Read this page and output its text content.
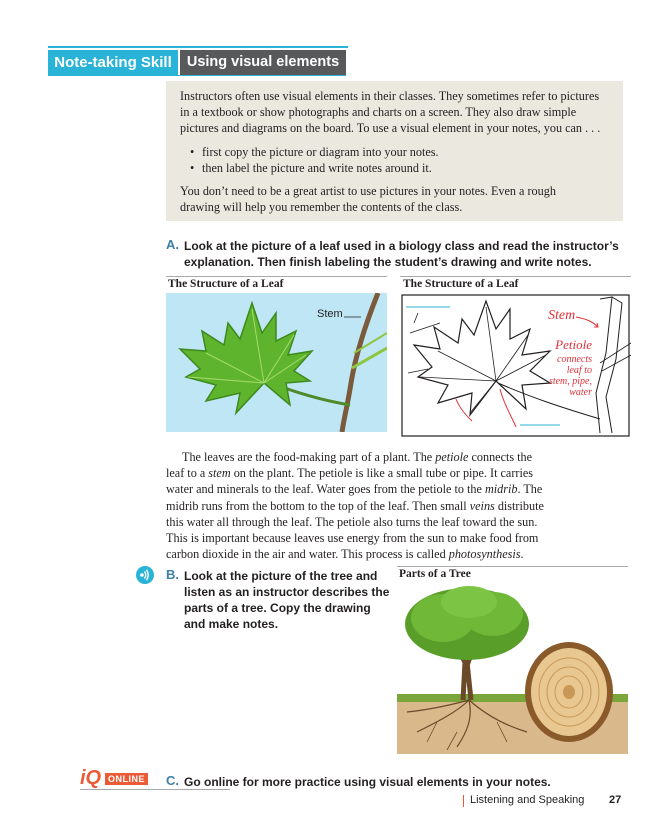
Note-taking Skill	Using visual elements

Instructors often use visual elements in their classes. They sometimes refer to pictures

in a textbook or show photographs and charts on a screen. They also draw simple

pictures and diagrams on the board. To use a visual element in your notes, you can . . .

• first copy the picture or diagram into your notes.
• then label the picture and write notes around it.

You don’t need to be a great artist to use pictures in your notes. Even a rough

drawing will help you remember the contents of the class.

A. Look at the picture of a leaf used in a biology class and read the instructor’s
explanation. Then finish labeling the student’s drawing and write notes.
The Structure of a Leaf	The Structure of a Leaf
Stem	Stem
Petiole
connects
leaf to
stem, pipe,
water
The leaves are the food-making part of a plant. The petiole connects the
leaf to a stem on the plant. The petiole is like a small tube or pipe. It carries
water and minerals to the leaf. Water goes from the petiole to the midrib. The
midrib runs from the bottom to the top of the leaf. Then small veins distribute
this water all through the leaf. The petiole also turns the leaf toward the sun.
This is important because leaves use energy from the sun to make food from
carbon dioxide in the air and water. This process is called photosynthesis.
B. Look at the picture of the tree and
listen as an instructor describes the
parts of a tree. Copy the drawing
and make notes.
Parts of a Tree
iQ ONLINE C. Go online for more practice using visual elements in your notes.
Listening and Speaking 27
